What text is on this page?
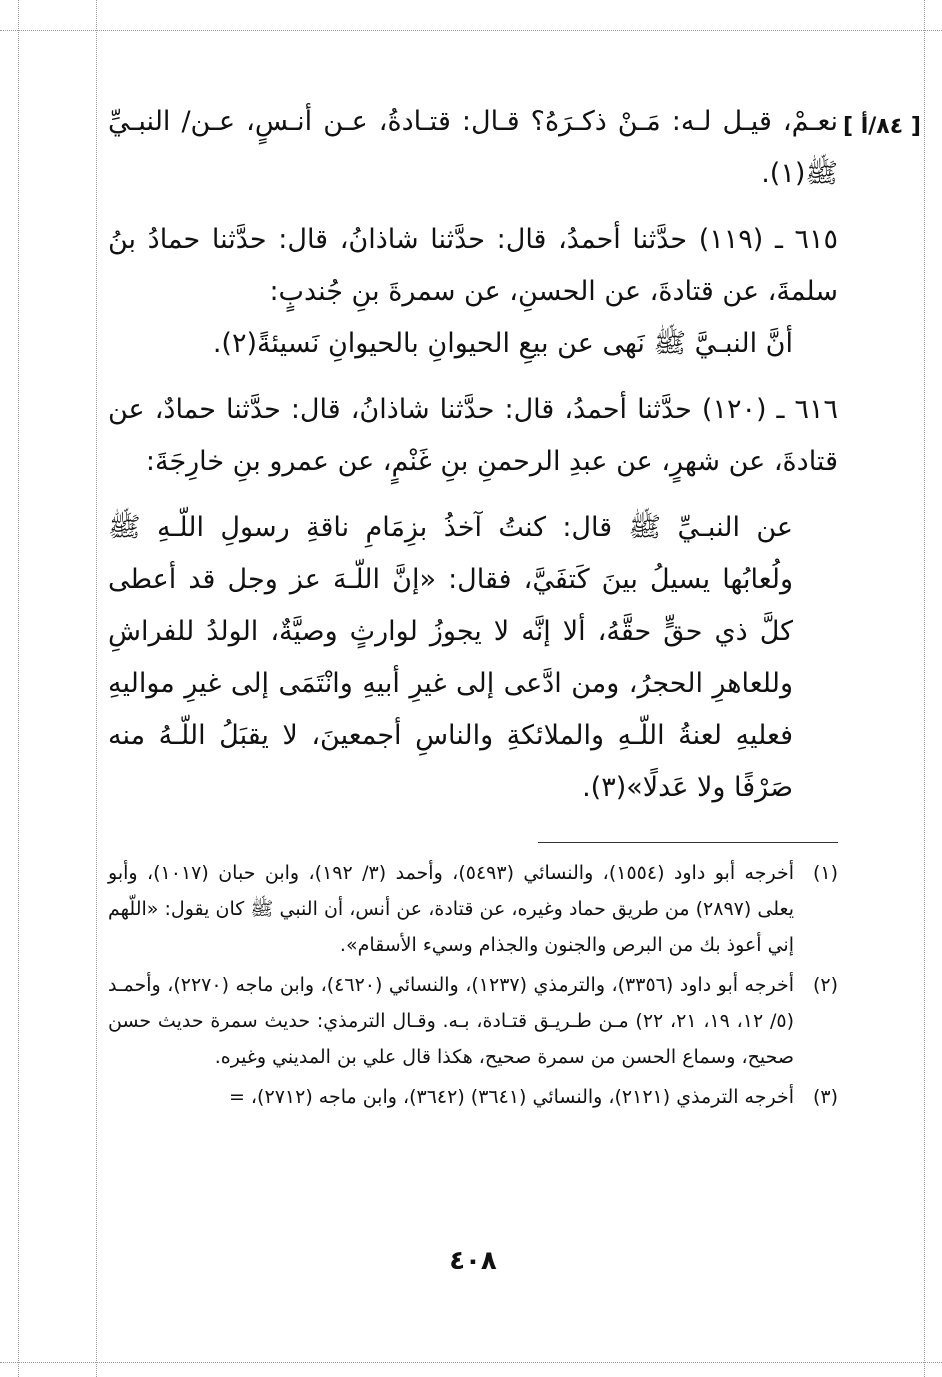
[ ٨٤/أ ]

نعـمْ، قيـل لـه: مَـنْ ذكـرَهُ؟ قـال: قتـادةُ، عـن أنـسٍ، عـن/ النبـيِّ ﷺ(١).

٦١٥ ـ (١١٩) حدَّثنا أحمدُ، قال: حدَّثنا شاذانُ، قال: حدَّثنا حمادُ بنُ سلمةَ، عن قتادةَ، عن الحسنِ، عن سمرةَ بنِ جُندبٍ:

أنَّ النبـيَّ ﷺ نَهى عن بيعِ الحيوانِ بالحيوانِ نَسيئةً(٢).

٦١٦ ـ (١٢٠) حدَّثنا أحمدُ، قال: حدَّثنا شاذانُ، قال: حدَّثنا حمادٌ، عن قتادةَ، عن شهرٍ، عن عبدِ الرحمنِ بنِ غَنْمٍ، عن عمرو بنِ خارِجَةَ:

عن النبـيِّ ﷺ قال: كنتُ آخذُ بزِمَامِ ناقةِ رسولِ اللّـهِ ﷺ ولُعابُها يسيلُ بينَ كَتفَيَّ، فقال: «إنَّ اللّـهَ عز وجل قد أعطى كلَّ ذي حقٍّ حقَّهُ، ألا إنَّه لا يجوزُ لوارثٍ وصيَّةٌ، الولدُ للفراشِ وللعاهرِ الحجرُ، ومن ادَّعى إلى غيرِ أبيهِ وانْتَمَى إلى غيرِ مواليهِ فعليهِ لعنةُ اللّـهِ والملائكةِ والناسِ أجمعينَ، لا يقبَلُ اللّـهُ منه صَرْفًا ولا عَدلًا»(٣).

(١)
أخرجه أبو داود (١٥٥٤)، والنسائي (٥٤٩٣)، وأحمد (٣/ ١٩٢)، وابن حبان (١٠١٧)، وأبو يعلى (٢٨٩٧) من طريق حماد وغيره، عن قتادة، عن أنس، أن النبي ﷺ كان يقول: «اللّهم إني أعوذ بك من البرص والجنون والجذام وسيء الأسقام».
(٢)
أخرجه أبو داود (٣٣٥٦)، والترمذي (١٢٣٧)، والنسائي (٤٦٢٠)، وابن ماجه (٢٢٧٠)، وأحمـد (٥/ ١٢، ١٩، ٢١، ٢٢) مـن طـريـق قتـادة، بـه. وقـال الترمذي: حديث سمرة حديث حسن صحيح، وسماع الحسن من سمرة صحيح، هكذا قال علي بن المديني وغيره.
(٣)
أخرجه الترمذي (٢١٢١)، والنسائي (٣٦٤١) (٣٦٤٢)، وابن ماجه (٢٧١٢)، =
٤٠٨
